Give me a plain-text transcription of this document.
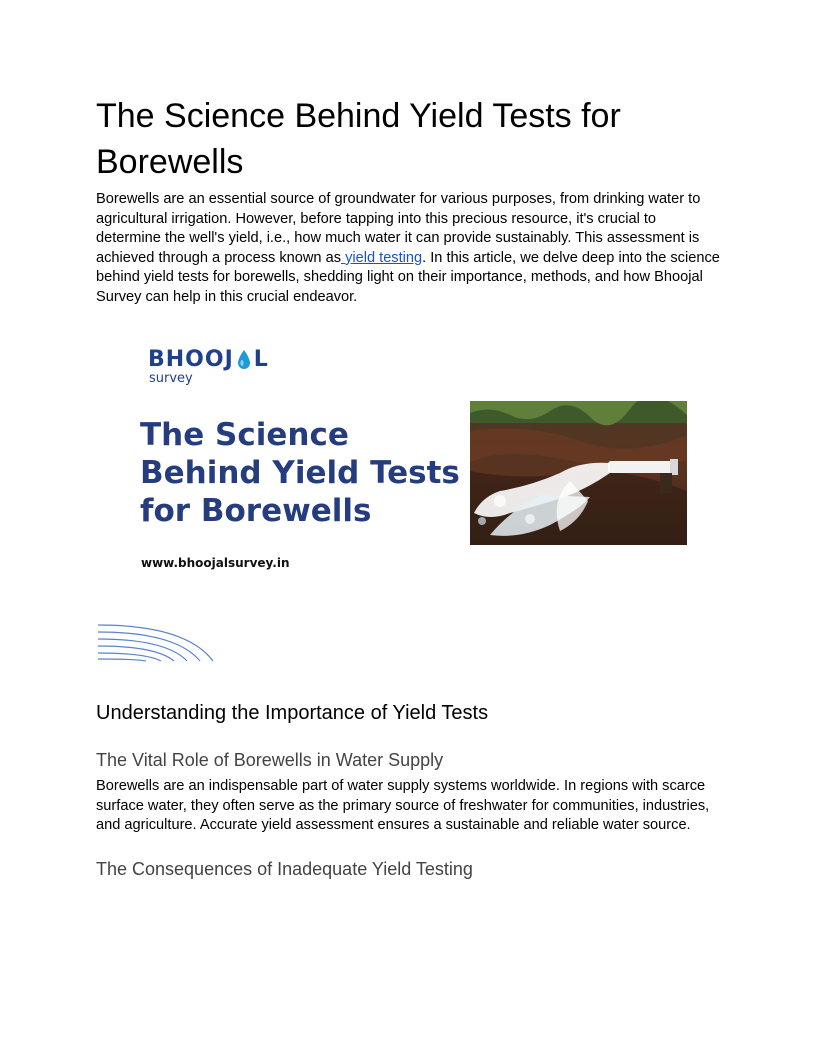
The Science Behind Yield Tests for Borewells

Borewells are an essential source of groundwater for various purposes, from drinking water to agricultural irrigation. However, before tapping into this precious resource, it's crucial to determine the well's yield, i.e., how much water it can provide sustainably. This assessment is achieved through a process known as yield testing. In this article, we delve deep into the science behind yield tests for borewells, shedding light on their importance, methods, and how Bhoojal Survey can help in this crucial endeavor.

BHOOJ L
survey
The Science
Behind Yield Tests
for Borewells
www.bhoojalsurvey.in
Understanding the Importance of Yield Tests
The Vital Role of Borewells in Water Supply

Borewells are an indispensable part of water supply systems worldwide. In regions with scarce surface water, they often serve as the primary source of freshwater for communities, industries, and agriculture. Accurate yield assessment ensures a sustainable and reliable water source.

The Consequences of Inadequate Yield Testing
